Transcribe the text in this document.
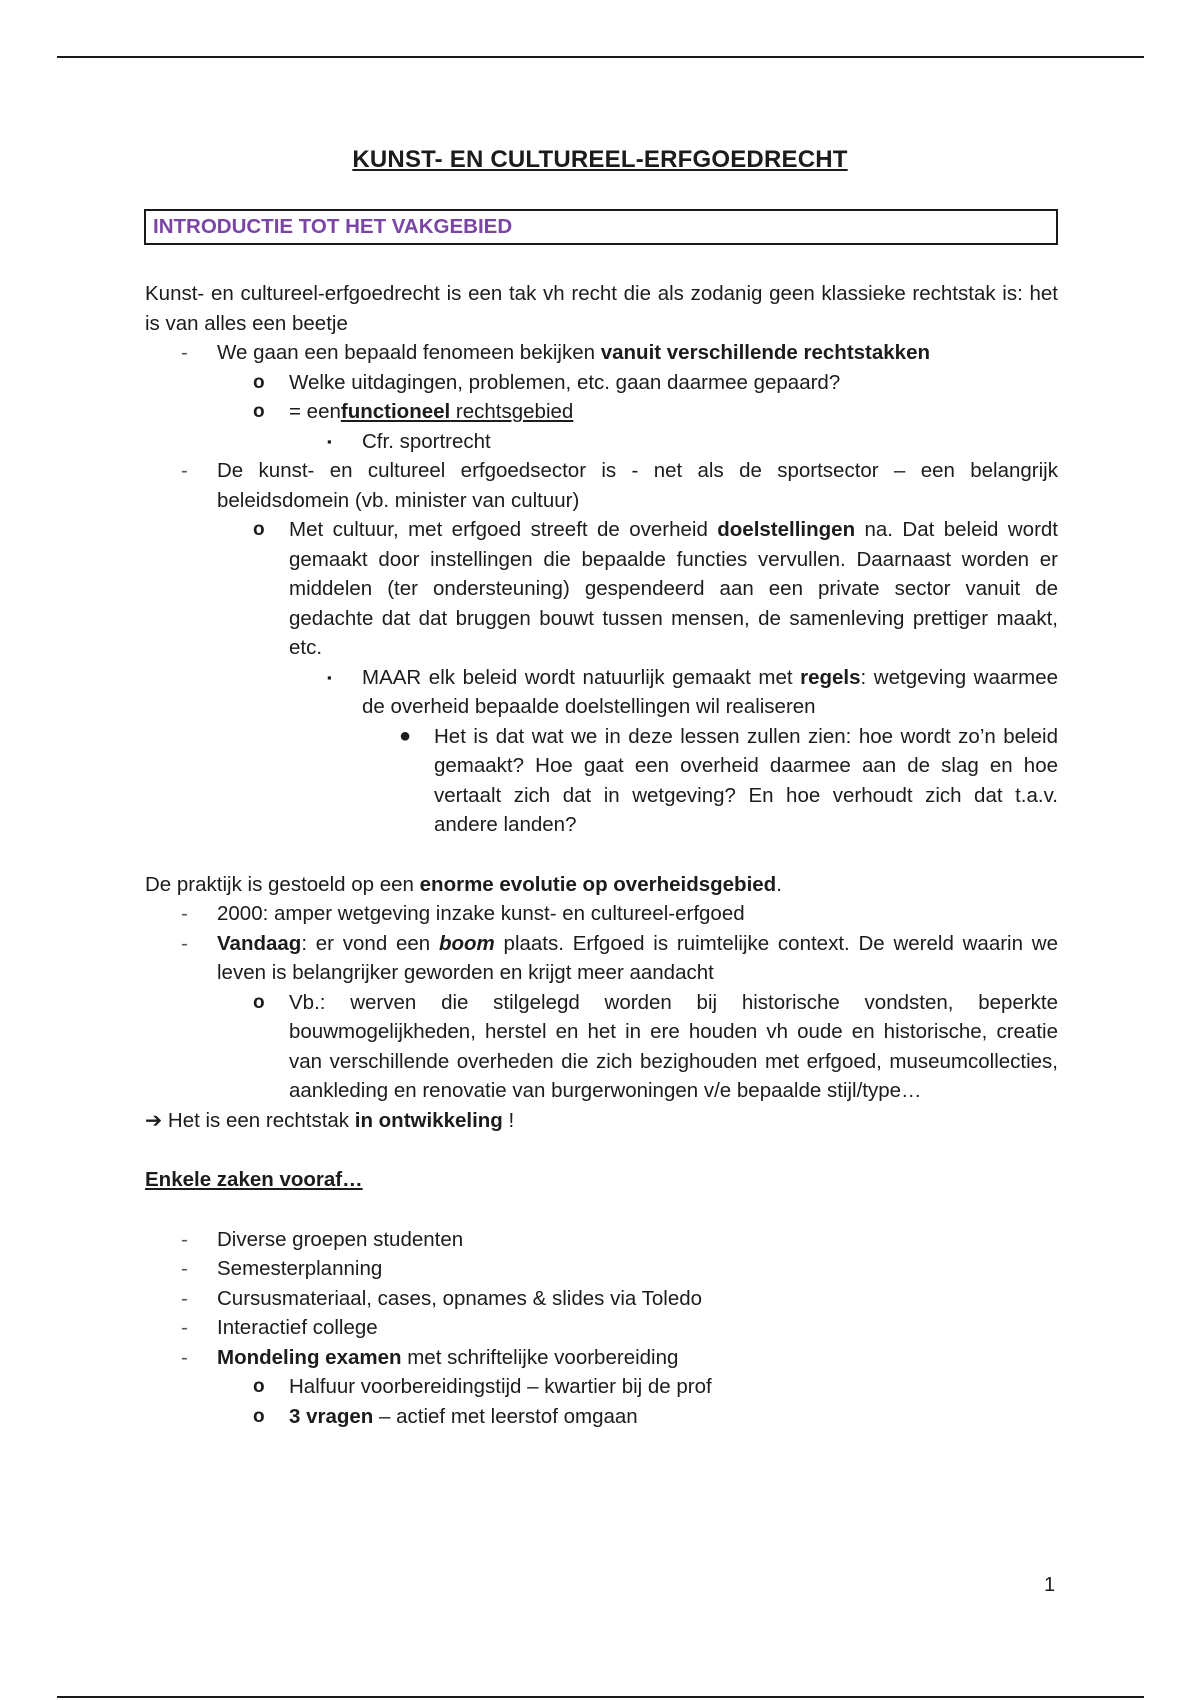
KUNST- EN CULTUREEL-ERFGOEDRECHT
INTRODUCTIE TOT HET VAKGEBIED

Kunst- en cultureel-erfgoedrecht is een tak vh recht die als zodanig geen klassieke rechtstak is: het is van alles een beetje

- We gaan een bepaald fenomeen bekijken vanuit verschillende rechtstakken
o Welke uitdagingen, problemen, etc. gaan daarmee gepaard?
o = eenfunctioneel rechtsgebied
▪ Cfr. sportrecht
- De kunst- en cultureel erfgoedsector is - net als de sportsector – een belangrijk beleidsdomein (vb. minister van cultuur)
o Met cultuur, met erfgoed streeft de overheid doelstellingen na. Dat beleid wordt gemaakt door instellingen die bepaalde functies vervullen. Daarnaast worden er middelen (ter ondersteuning) gespendeerd aan een private sector vanuit de gedachte dat dat bruggen bouwt tussen mensen, de samenleving prettiger maakt, etc.
▪ MAAR elk beleid wordt natuurlijk gemaakt met regels: wetgeving waarmee de overheid bepaalde doelstellingen wil realiseren
● Het is dat wat we in deze lessen zullen zien: hoe wordt zo’n beleid gemaakt? Hoe gaat een overheid daarmee aan de slag en hoe vertaalt zich dat in wetgeving? En hoe verhoudt zich dat t.a.v. andere landen?

De praktijk is gestoeld op een enorme evolutie op overheidsgebied.

- 2000: amper wetgeving inzake kunst- en cultureel-erfgoed
- Vandaag: er vond een boom plaats. Erfgoed is ruimtelijke context. De wereld waarin we leven is belangrijker geworden en krijgt meer aandacht
o Vb.: werven die stilgelegd worden bij historische vondsten, beperkte bouwmogelijkheden, herstel en het in ere houden vh oude en historische, creatie van verschillende overheden die zich bezighouden met erfgoed, museumcollecties, aankleding en renovatie van burgerwoningen v/e bepaalde stijl/type…

➔ Het is een rechtstak in ontwikkeling !

Enkele zaken vooraf…

- Diverse groepen studenten
- Semesterplanning
- Cursusmateriaal, cases, opnames & slides via Toledo
- Interactief college
- Mondeling examen met schriftelijke voorbereiding
o Halfuur voorbereidingstijd – kwartier bij de prof
o 3 vragen – actief met leerstof omgaan
1
